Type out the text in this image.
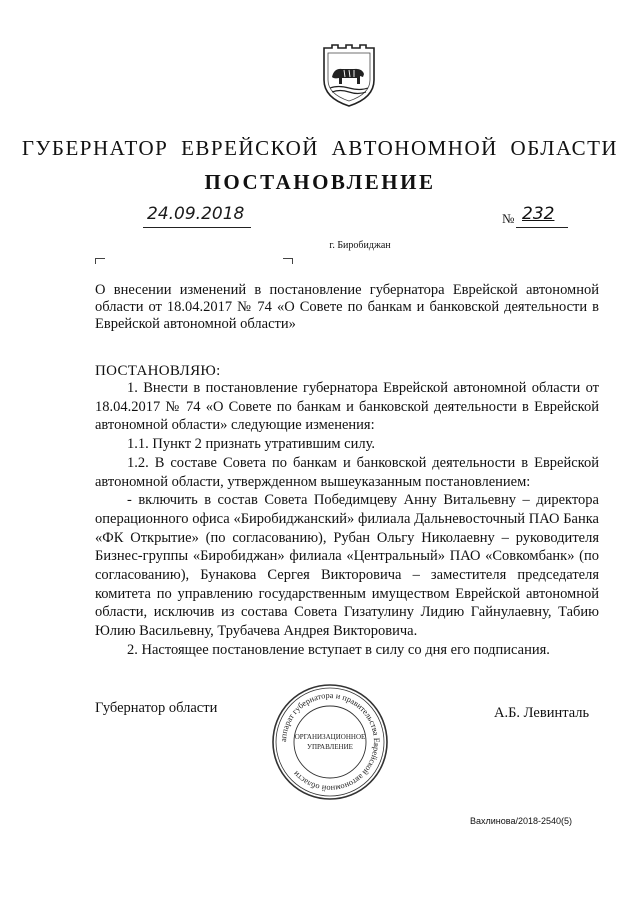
ГУБЕРНАТОР ЕВРЕЙСКОЙ АВТОНОМНОЙ ОБЛАСТИ
ПОСТАНОВЛЕНИЕ
24.09.2018	№ 232
г. Биробиджан
О внесении изменений в постановление губернатора Еврейской автономной области от 18.04.2017 № 74 «О Совете по банкам и банковской деятельности в Еврейской автономной области»
ПОСТАНОВЛЯЮ:

1. Внести в постановление губернатора Еврейской автономной области от 18.04.2017 № 74 «О Совете по банкам и банковской деятельности в Еврейской автономной области» следующие изменения:

1.1. Пункт 2 признать утратившим силу.

1.2. В составе Совета по банкам и банковской деятельности в Еврейской автономной области, утвержденном вышеуказанным постановлением:

- включить в состав Совета Победимцеву Анну Витальевну – директора операционного офиса «Биробиджанский» филиала Дальневосточный ПАО Банка «ФК Открытие» (по согласованию), Рубан Ольгу Николаевну – руководителя Бизнес-группы «Биробиджан» филиала «Центральный» ПАО «Совкомбанк» (по согласованию), Бунакова Сергея Викторовича – заместителя председателя комитета по управлению государственным имуществом Еврейской автономной области, исключив из состава Совета Гизатулину Лидию Гайнулаевну, Табию Юлию Васильевну, Трубачева Андрея Викторовича.

2. Настоящее постановление вступает в силу со дня его подписания.

Губернатор области
аппарат губернатора и правительства Еврейской автономной области
ОРГАНИЗАЦИОННОЕ
УПРАВЛЕНИЕ
А.Б. Левинталь
Вахлинова/2018-2540(5)
